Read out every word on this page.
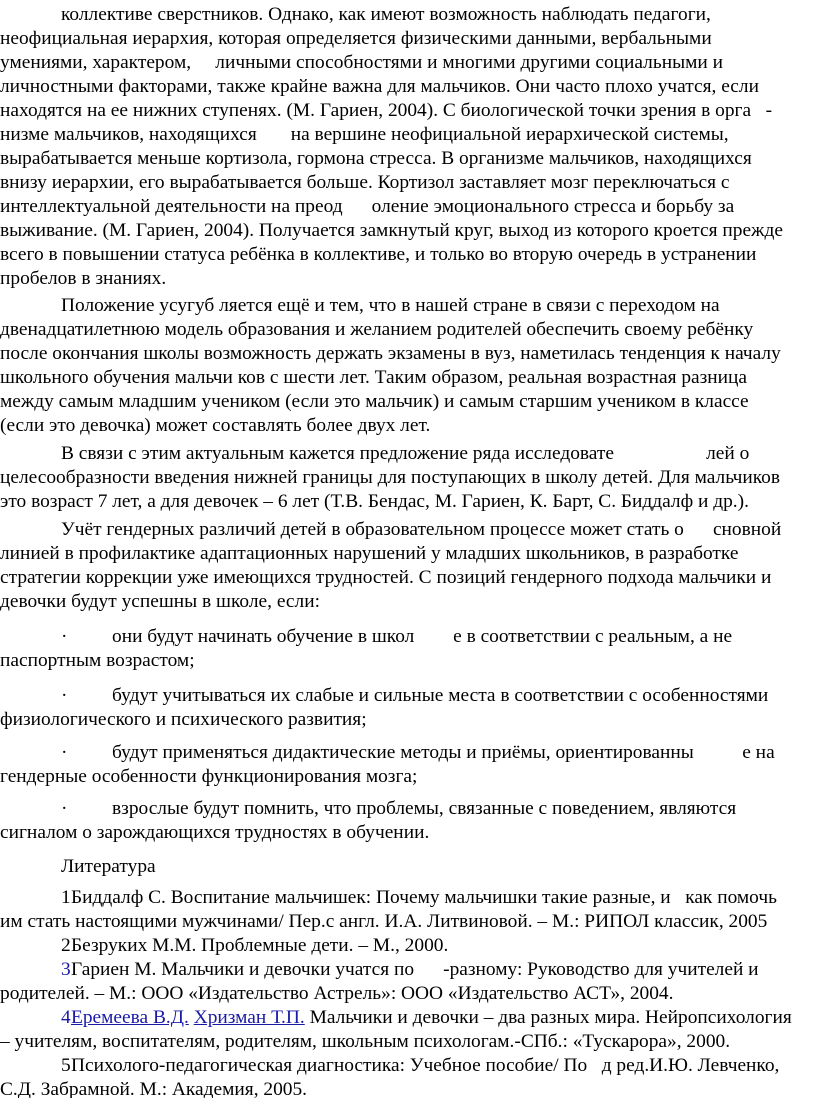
коллективе сверстников. Однако, как имеют возможность наблюдать педагоги,
неофициальная иерархия, которая определяется физическими данными, вербальными
умениями, характером,     личными способностями и многими другими социальными и
личностными факторами, также крайне важна для мальчиков. Они часто плохо учатся, если
находятся на ее нижних ступенях. (М. Гариен, 2004). С биологической точки зрения в орга   -
низме мальчиков, находящихся       на вершине неофициальной иерархической системы,
вырабатывается меньше кортизола, гормона стресса. В организме мальчиков, находящихся
внизу иерархии, его вырабатывается больше. Кортизол заставляет мозг переключаться с
интеллектуальной деятельности на преод      оление эмоционального стресса и борьбу за
выживание. (М. Гариен, 2004). Получается замкнутый круг, выход из которого кроется прежде
всего в повышении статуса ребёнка в коллективе, и только во вторую очередь в устранении
пробелов в знаниях.
Положение усугуб ляется ещё и тем, что в нашей стране в связи с переходом на
двенадцатилетнюю модель образования и желанием родителей обеспечить своему ребёнку
после окончания школы возможность держать экзамены в вуз, наметилась тенденция к началу
школьного обучения мальчи ков с шести лет. Таким образом, реальная возрастная разница
между самым младшим учеником (если это мальчик) и самым старшим учеником в классе
(если это девочка) может составлять более двух лет.
В связи с этим актуальным кажется предложение ряда исследовате                   лей о
целесообразности введения нижней границы для поступающих в школу детей. Для мальчиков
это возраст 7 лет, а для девочек – 6 лет (Т.В. Бендас, М. Гариен, К. Барт, С. Биддалф и др.).
Учёт гендерных различий детей в образовательном процессе может стать о      сновной
линией в профилактике адаптационных нарушений у младших школьников, в разработке
стратегии коррекции уже имеющихся трудностей. С позиций гендерного подхода мальчики и
девочки будут успешны в школе, если:
· они будут начинать обучение в школ        е в соответствии с реальным, а не
паспортным возрастом;
· будут учитываться их слабые и сильные места в соответствии с особенностями
физиологического и психического развития;
· будут применяться дидактические методы и приёмы, ориентированны          е на
гендерные особенности функционирования мозга;
· взрослые будут помнить, что проблемы, связанные с поведением, являются
сигналом о зарождающихся трудностях в обучении.
Литература
1 Биддалф С. Воспитание мальчишек: Почему мальчишки такие разные, и   как помочь
им стать настоящими мужчинами/ Пер.с англ. И.А. Литвиновой. – М.: РИПОЛ классик, 2005
2 Безруких М.М. Проблемные дети. – М., 2000.
3 Гариен М. Мальчики и девочки учатся по      -разному: Руководство для учителей и
родителей. – М.: ООО «Издательство Астрель»: ООО «Издательство АСТ», 2004.
4 Еремеева В.Д. Хризман Т.П. Мальчики и девочки – два разных мира. Нейропсихология
– учителям, воспитателям, родителям, школьным психологам.-СПб.: «Тускарора», 2000.
5 Психолого-педагогическая диагностика: Учебное пособие/ По   д ред.И.Ю. Левченко,
С.Д. Забрамной. М.: Академия, 2005.
